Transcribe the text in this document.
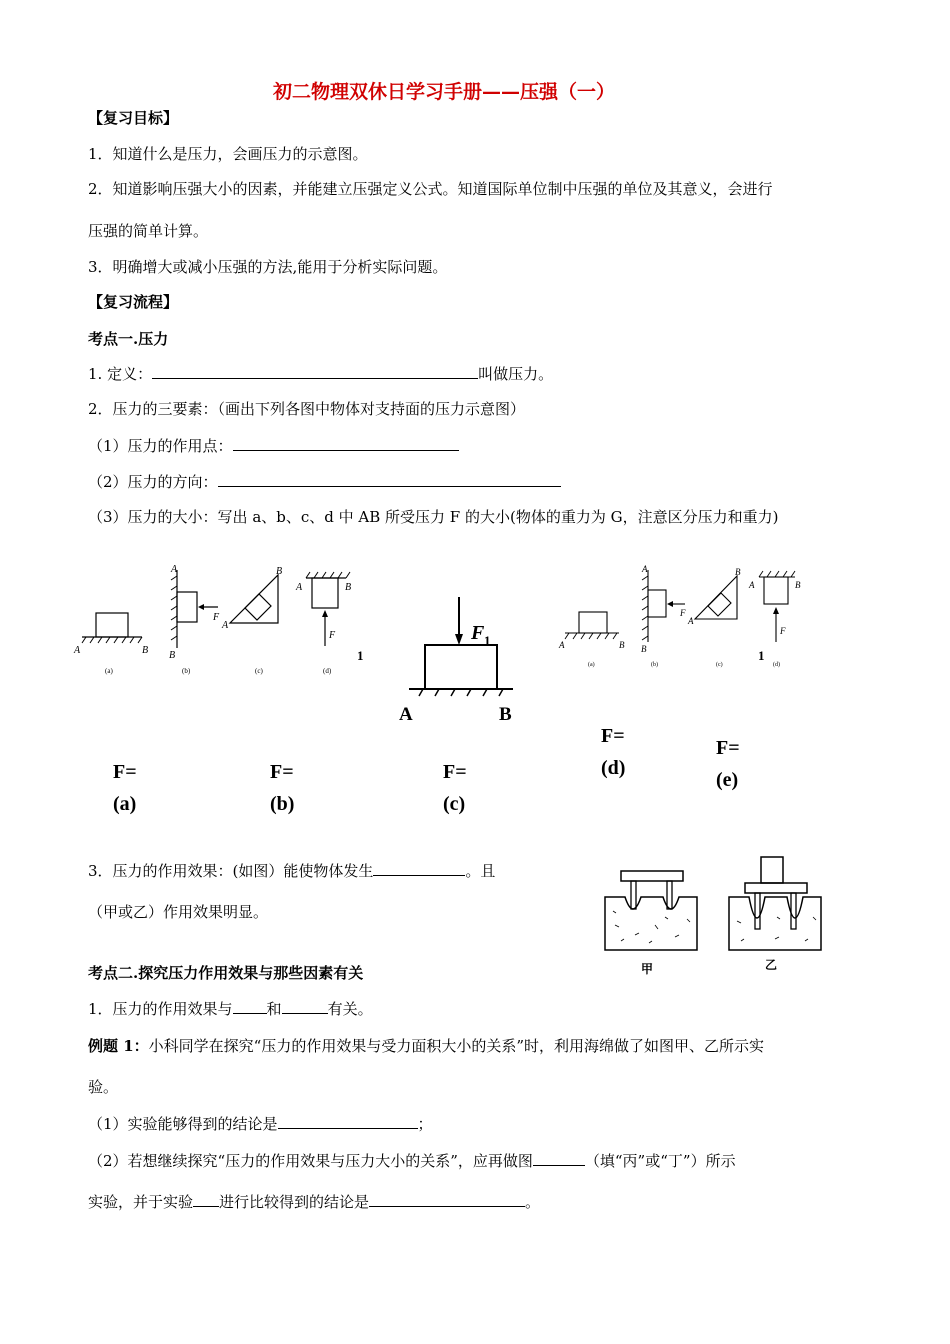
初二物理双休日学习手册——压强（一）
【复习目标】
1．知道什么是压力，会画压力的示意图。
2．知道影响压强大小的因素，并能建立压强定义公式。知道国际单位制中压强的单位及其意义，会进行
压强的简单计算。
3．明确增大或减小压强的方法,能用于分析实际问题。
【复习流程】
考点一.压力
1. 定义：	叫做压力。
2．压力的三要素：（画出下列各图中物体对支持面的压力示意图）
（1）压力的作用点：
（2）压力的方向：
（3）压力的大小：写出 a、b、c、d 中 AB 所受压力 F 的大小(物体的重力为 G，注意区分压力和重力)
A	B
(a)
A
B
F
(b)
B
A
(c)
A	B
F
(d)
1
F 1
A	B
A	B
(a)
A
B
F
(b)
B
A
(c)
A	B
F
(d)
1
F=
(a)
F=
(b)
F=
(c)
F=
(d)
F=
(e)
3．压力的作用效果：(如图）能使物体发生	。且
（甲或乙）作用效果明显。
甲	乙
考点二.探究压力作用效果与那些因素有关
1．压力的作用效果与 和	有关。
例题 1：小科同学在探究“压力的作用效果与受力面积大小的关系”时，利用海绵做了如图甲、乙所示实
验。
（1）实验能够得到的结论是	；
（2）若想继续探究“压力的作用效果与压力大小的关系”，应再做图	（填“丙”或“丁”）所示
实验，并于实验 进行比较得到的结论是	。
